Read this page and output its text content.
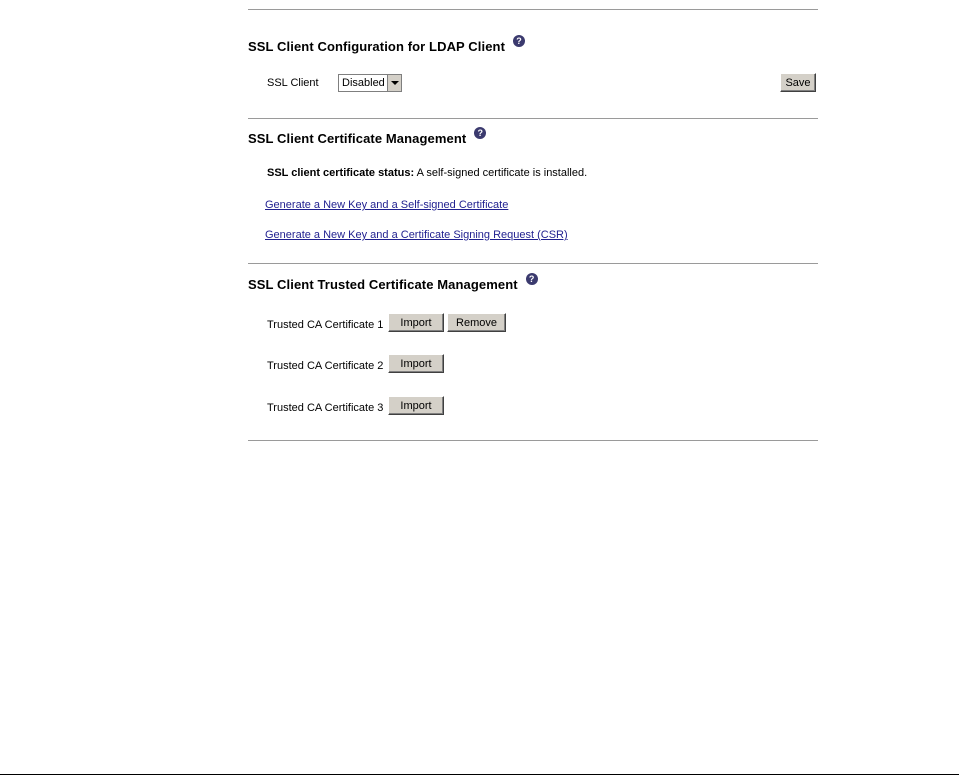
SSL Client Configuration for LDAP Client ?
SSL Client Disabled	Save
SSL Client Certificate Management ?
SSL client certificate status: A self-signed certificate is installed.
Generate a New Key and a Self-signed Certificate
Generate a New Key and a Certificate Signing Request (CSR)
SSL Client Trusted Certificate Management ?
Trusted CA Certificate 1	Import	Remove
Trusted CA Certificate 2	Import
Trusted CA Certificate 3	Import
